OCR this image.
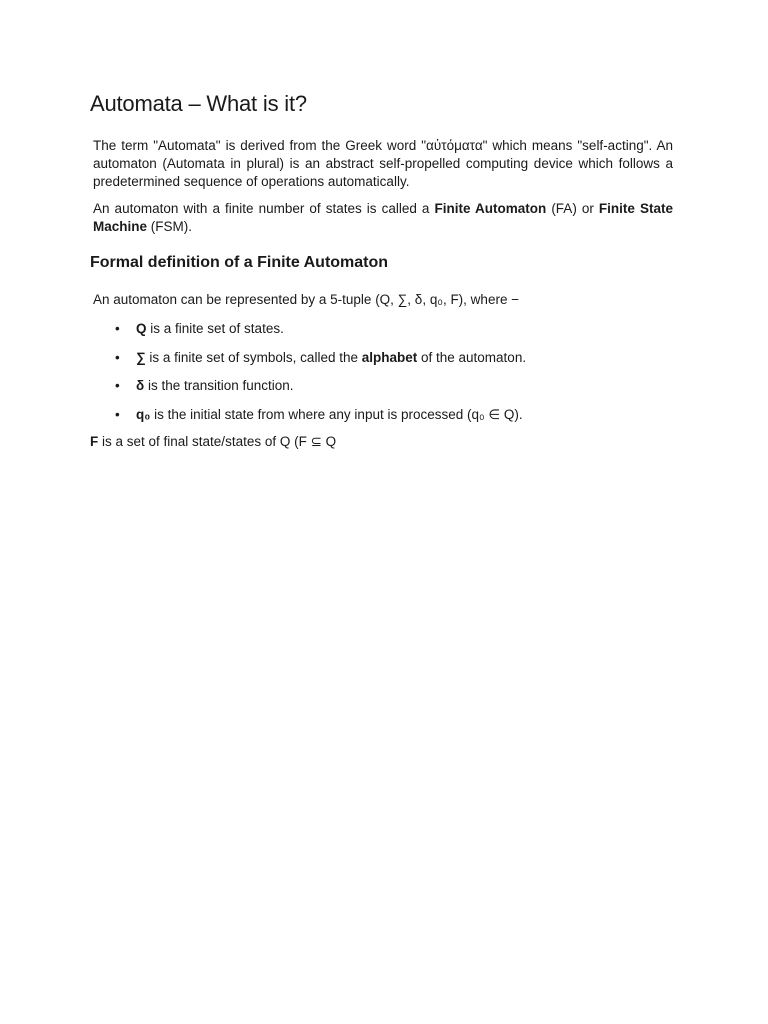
Automata – What is it?

The term "Automata" is derived from the Greek word "αὐτόματα" which means "self-acting". An automaton (Automata in plural) is an abstract self-propelled computing device which follows a predetermined sequence of operations automatically.

An automaton with a finite number of states is called a Finite Automaton (FA) or Finite State Machine (FSM).

Formal definition of a Finite Automaton

An automaton can be represented by a 5-tuple (Q, ∑, δ, q₀, F), where −

• Q is a finite set of states.
• ∑ is a finite set of symbols, called the alphabet of the automaton.
• δ is the transition function.
• q₀ is the initial state from where any input is processed (q₀ ∈ Q).

F is a set of final state/states of Q (F ⊆ Q
